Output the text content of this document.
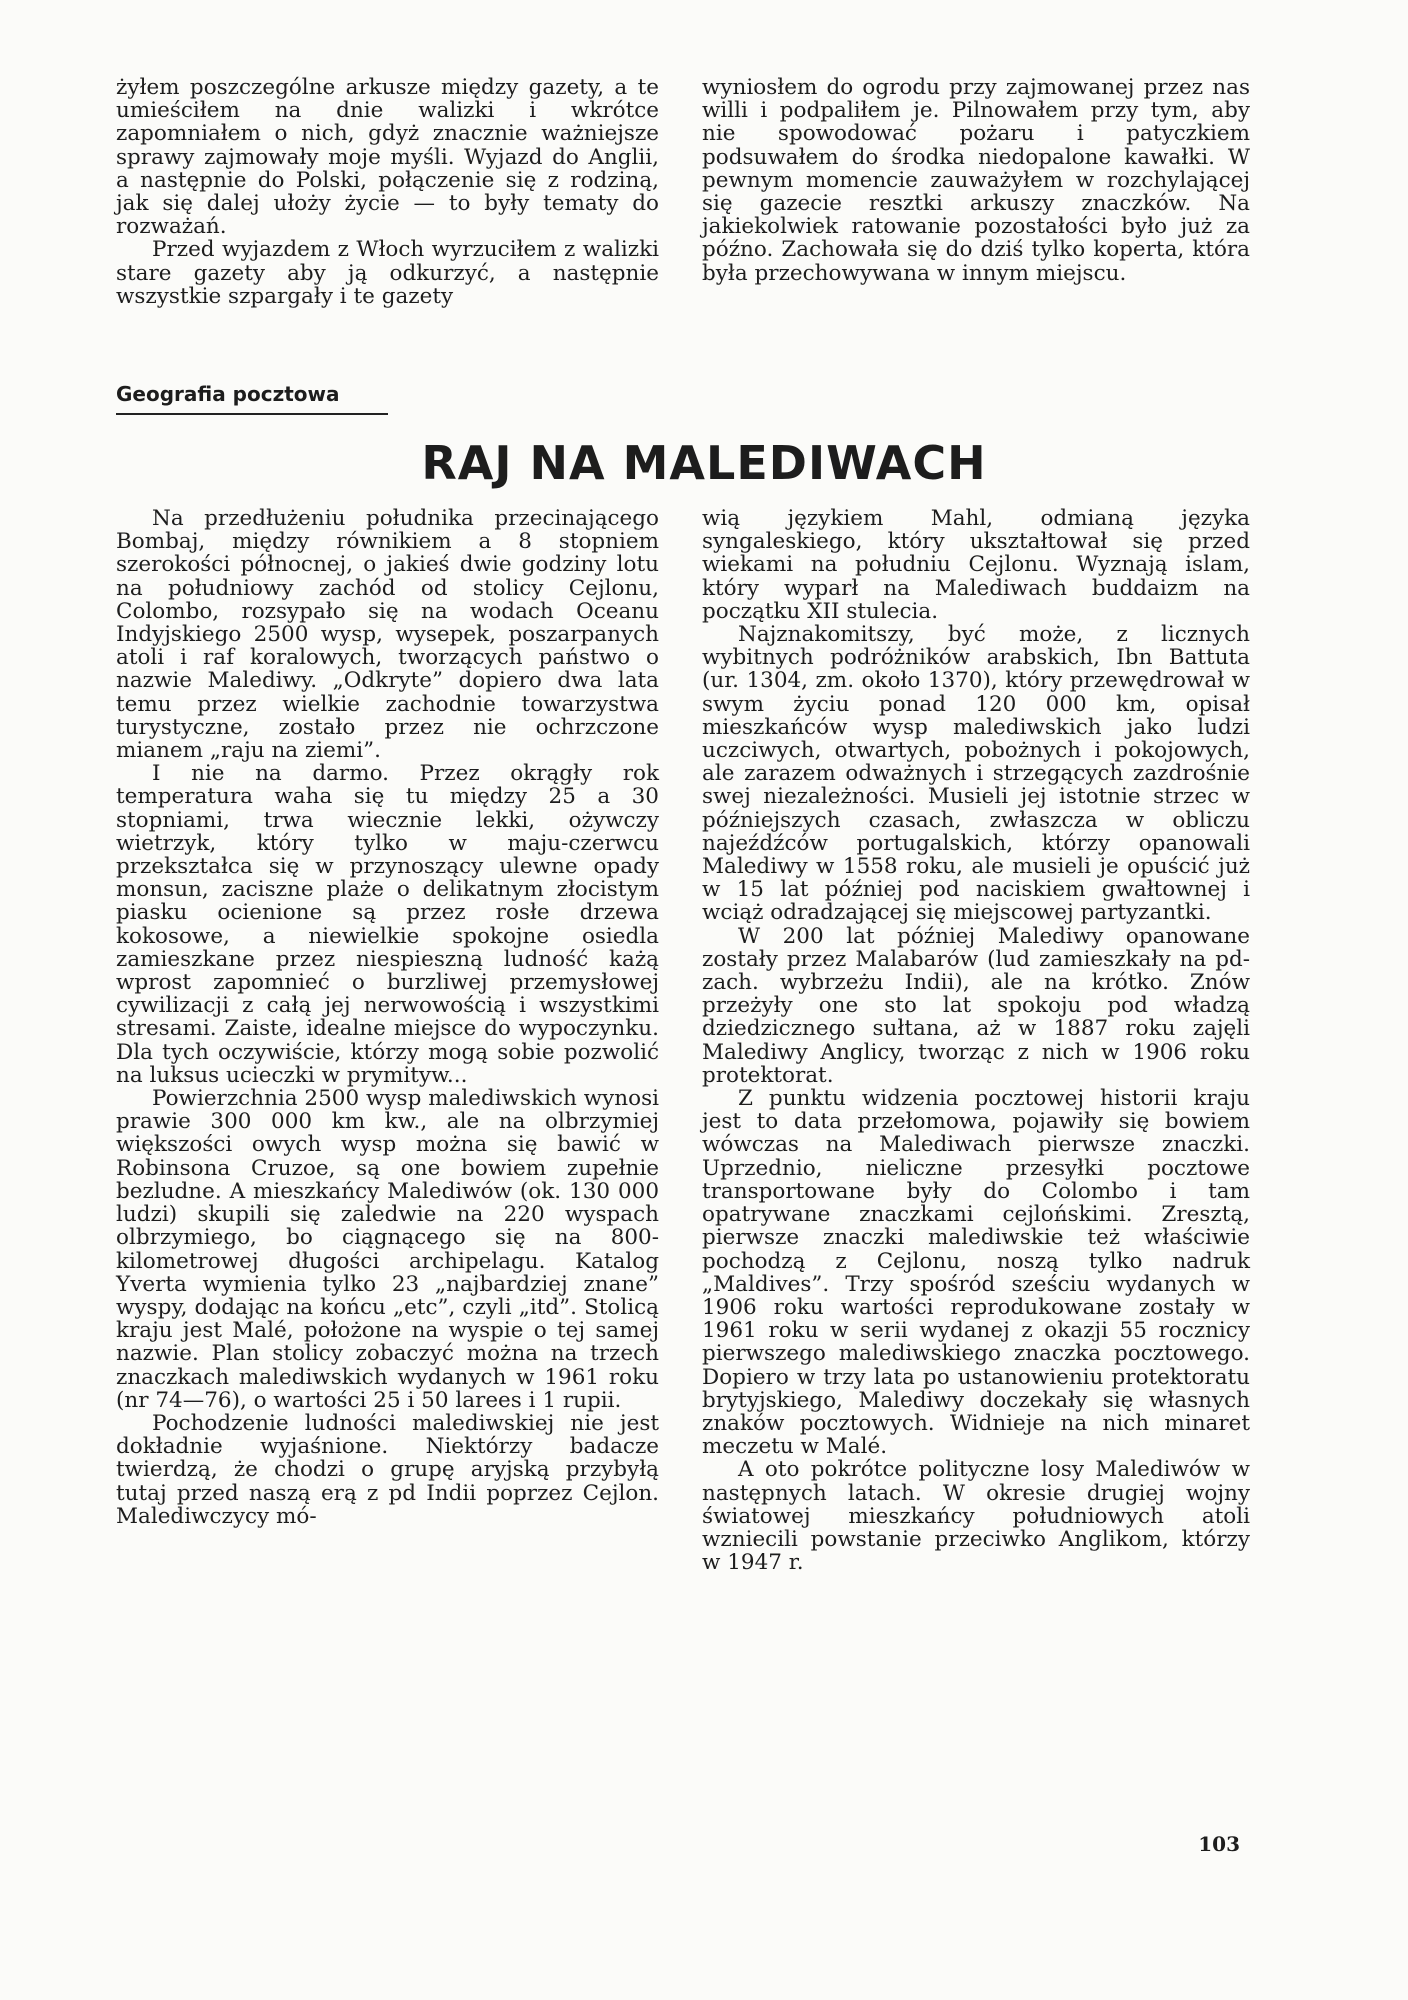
żyłem poszczególne arkusze między gazety, a te umieściłem na dnie walizki i wkrótce zapomniałem o nich, gdyż znacznie ważniejsze sprawy zajmowały moje myśli. Wyjazd do Anglii, a następnie do Polski, połączenie się z rodziną, jak się dalej ułoży życie — to były tematy do rozważań.

Przed wyjazdem z Włoch wyrzuciłem z walizki stare gazety aby ją odkurzyć, a następnie wszystkie szpargały i te gazety

wyniosłem do ogrodu przy zajmowanej przez nas willi i podpaliłem je. Pilnowałem przy tym, aby nie spowodować pożaru i patyczkiem podsuwałem do środka niedopalone kawałki. W pewnym momencie zauważyłem w rozchylającej się gazecie resztki arkuszy znaczków. Na jakiekolwiek ratowanie pozostałości było już za późno. Zachowała się do dziś tylko koperta, która była przechowywana w innym miejscu.

Geografia pocztowa
RAJ NA MALEDIWACH

Na przedłużeniu południka przecinającego Bombaj, między równikiem a 8 stopniem szerokości północnej, o jakieś dwie godziny lotu na południowy zachód od stolicy Cejlonu, Colombo, rozsypało się na wodach Oceanu Indyjskiego 2500 wysp, wysepek, poszarpanych atoli i raf koralowych, tworzących państwo o nazwie Malediwy. „Odkryte” dopiero dwa lata temu przez wielkie zachodnie towarzystwa turystyczne, zostało przez nie ochrzczone mianem „raju na ziemi”.

I nie na darmo. Przez okrągły rok temperatura waha się tu między 25 a 30 stopniami, trwa wiecznie lekki, ożywczy wietrzyk, który tylko w maju-czerwcu przekształca się w przynoszący ulewne opady monsun, zaciszne plaże o delikatnym złocistym piasku ocienione są przez rosłe drzewa kokosowe, a niewielkie spokojne osiedla zamieszkane przez niespieszną ludność każą wprost zapomnieć o burzliwej przemysłowej cywilizacji z całą jej nerwowością i wszystkimi stresami. Zaiste, idealne miejsce do wypoczynku. Dla tych oczywiście, którzy mogą sobie pozwolić na luksus ucieczki w prymityw...

Powierzchnia 2500 wysp malediwskich wynosi prawie 300 000 km kw., ale na olbrzymiej większości owych wysp można się bawić w Robinsona Cruzoe, są one bowiem zupełnie bezludne. A mieszkańcy Malediwów (ok. 130 000 ludzi) skupili się zaledwie na 220 wyspach olbrzymiego, bo ciągnącego się na 800-kilometrowej długości archipelagu. Katalog Yverta wymienia tylko 23 „najbardziej znane” wyspy, dodając na końcu „etc”, czyli „itd”. Stolicą kraju jest Malé, położone na wyspie o tej samej nazwie. Plan stolicy zobaczyć można na trzech znaczkach malediwskich wydanych w 1961 roku (nr 74—76), o wartości 25 i 50 larees i 1 rupii.

Pochodzenie ludności malediwskiej nie jest dokładnie wyjaśnione. Niektórzy badacze twierdzą, że chodzi o grupę aryjską przybyłą tutaj przed naszą erą z pd Indii poprzez Cejlon. Malediwczycy mó-

wią językiem Mahl, odmianą języka syngaleskiego, który ukształtował się przed wiekami na południu Cejlonu. Wyznają islam, który wyparł na Malediwach buddaizm na początku XII stulecia.

Najznakomitszy, być może, z licznych wybitnych podróżników arabskich, Ibn Battuta (ur. 1304, zm. około 1370), który przewędrował w swym życiu ponad 120 000 km, opisał mieszkańców wysp malediwskich jako ludzi uczciwych, otwartych, pobożnych i pokojowych, ale zarazem odważnych i strzegących zazdrośnie swej niezależności. Musieli jej istotnie strzec w późniejszych czasach, zwłaszcza w obliczu najeźdźców portugalskich, którzy opanowali Malediwy w 1558 roku, ale musieli je opuścić już w 15 lat później pod naciskiem gwałtownej i wciąż odradzającej się miejscowej partyzantki.

W 200 lat później Malediwy opanowane zostały przez Malabarów (lud zamieszkały na pd-zach. wybrzeżu Indii), ale na krótko. Znów przeżyły one sto lat spokoju pod władzą dziedzicznego sułtana, aż w 1887 roku zajęli Malediwy Anglicy, tworząc z nich w 1906 roku protektorat.

Z punktu widzenia pocztowej historii kraju jest to data przełomowa, pojawiły się bowiem wówczas na Malediwach pierwsze znaczki. Uprzednio, nieliczne przesyłki pocztowe transportowane były do Colombo i tam opatrywane znaczkami cejlońskimi. Zresztą, pierwsze znaczki malediwskie też właściwie pochodzą z Cejlonu, noszą tylko nadruk „Maldives”. Trzy spośród sześciu wydanych w 1906 roku wartości reprodukowane zostały w 1961 roku w serii wydanej z okazji 55 rocznicy pierwszego malediwskiego znaczka pocztowego. Dopiero w trzy lata po ustanowieniu protektoratu brytyjskiego, Malediwy doczekały się własnych znaków pocztowych. Widnieje na nich minaret meczetu w Malé.

A oto pokrótce polityczne losy Malediwów w następnych latach. W okresie drugiej wojny światowej mieszkańcy południowych atoli wzniecili powstanie przeciwko Anglikom, którzy w 1947 r.

103
